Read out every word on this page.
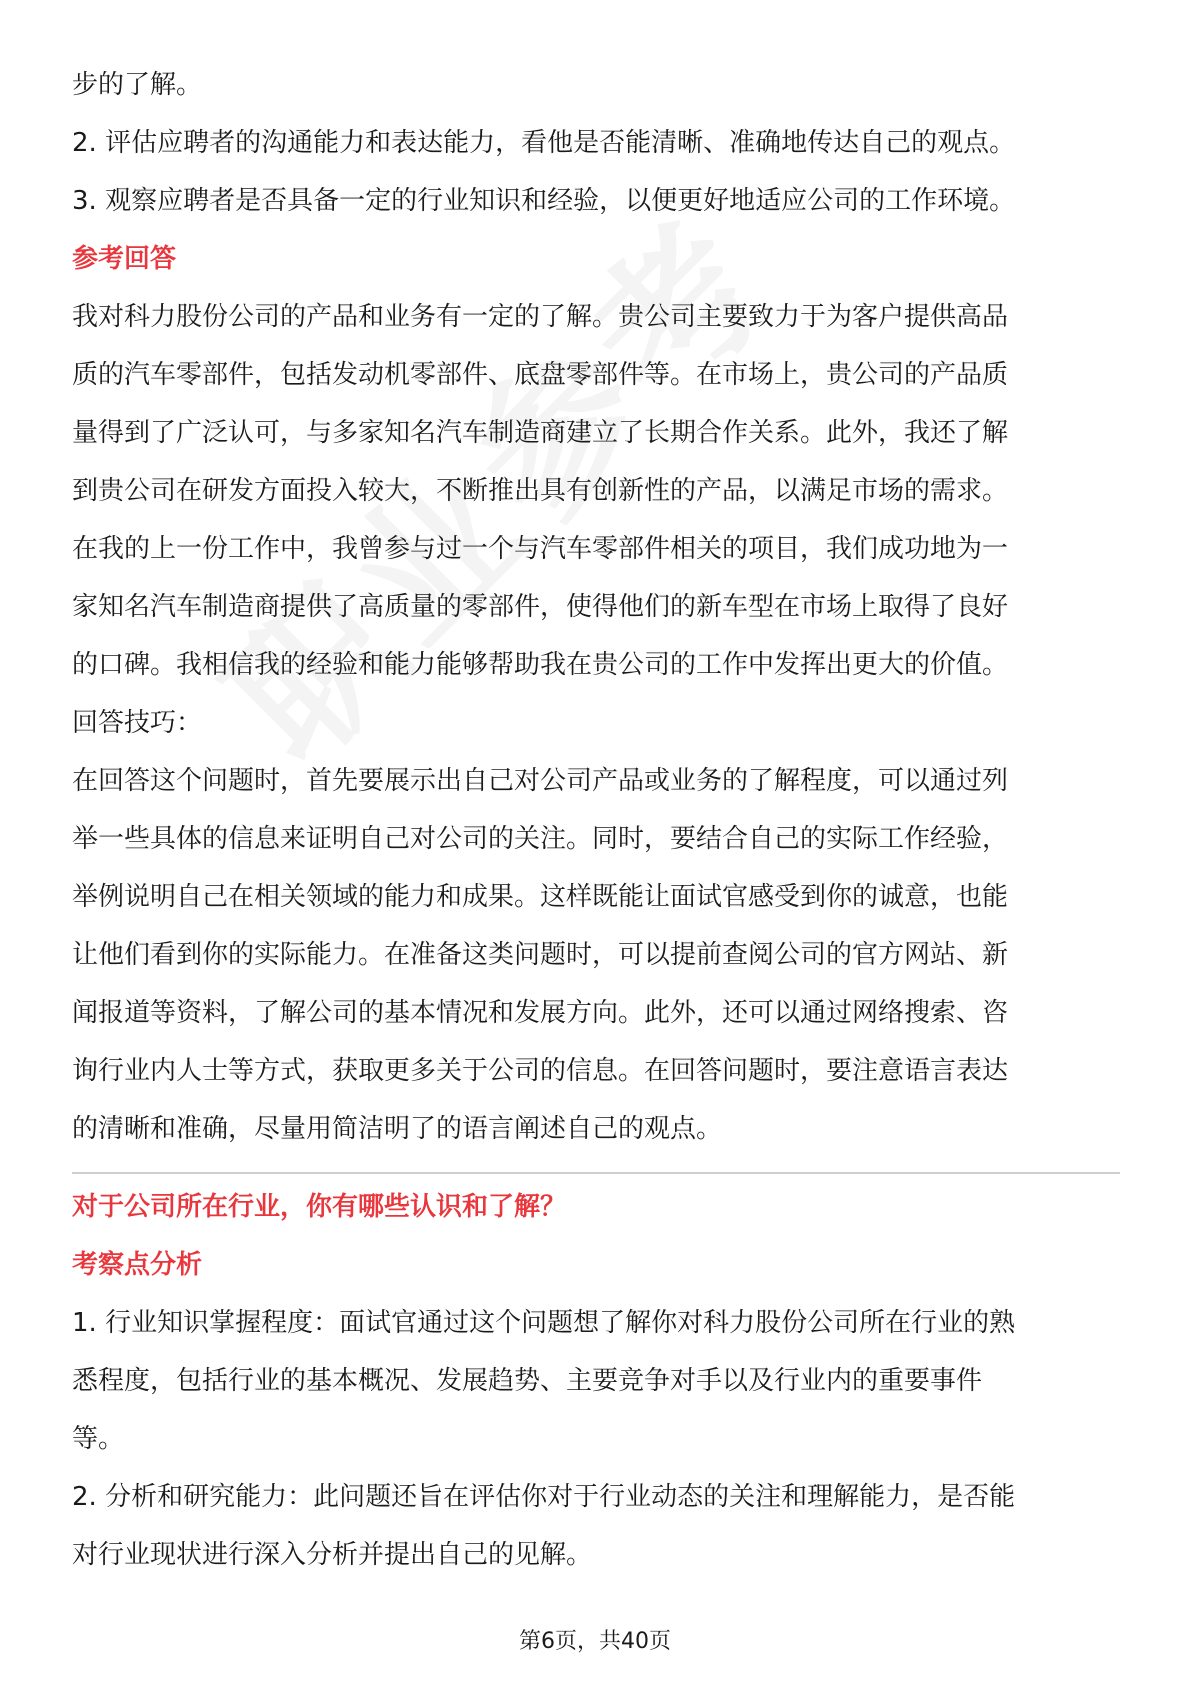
步的了解。

2. 评估应聘者的沟通能力和表达能力，看他是否能清晰、准确地传达自己的观点。

3. 观察应聘者是否具备一定的行业知识和经验，以便更好地适应公司的工作环境。

参考回答

我对科力股份公司的产品和业务有一定的了解。贵公司主要致力于为客户提供高品

质的汽车零部件，包括发动机零部件、底盘零部件等。在市场上，贵公司的产品质

量得到了广泛认可，与多家知名汽车制造商建立了长期合作关系。此外，我还了解

到贵公司在研发方面投入较大，不断推出具有创新性的产品，以满足市场的需求。

在我的上一份工作中，我曾参与过一个与汽车零部件相关的项目，我们成功地为一

家知名汽车制造商提供了高质量的零部件，使得他们的新车型在市场上取得了良好

的口碑。我相信我的经验和能力能够帮助我在贵公司的工作中发挥出更大的价值。

回答技巧：

在回答这个问题时，首先要展示出自己对公司产品或业务的了解程度，可以通过列

举一些具体的信息来证明自己对公司的关注。同时，要结合自己的实际工作经验，

举例说明自己在相关领域的能力和成果。这样既能让面试官感受到你的诚意，也能

让他们看到你的实际能力。在准备这类问题时，可以提前查阅公司的官方网站、新

闻报道等资料，了解公司的基本情况和发展方向。此外，还可以通过网络搜索、咨

询行业内人士等方式，获取更多关于公司的信息。在回答问题时，要注意语言表达

的清晰和准确，尽量用简洁明了的语言阐述自己的观点。

对于公司所在行业，你有哪些认识和了解？

考察点分析

1. 行业知识掌握程度：面试官通过这个问题想了解你对科力股份公司所在行业的熟

悉程度，包括行业的基本概况、发展趋势、主要竞争对手以及行业内的重要事件

等。

2. 分析和研究能力：此问题还旨在评估你对于行业动态的关注和理解能力，是否能

对行业现状进行深入分析并提出自己的见解。

第6页，共40页
